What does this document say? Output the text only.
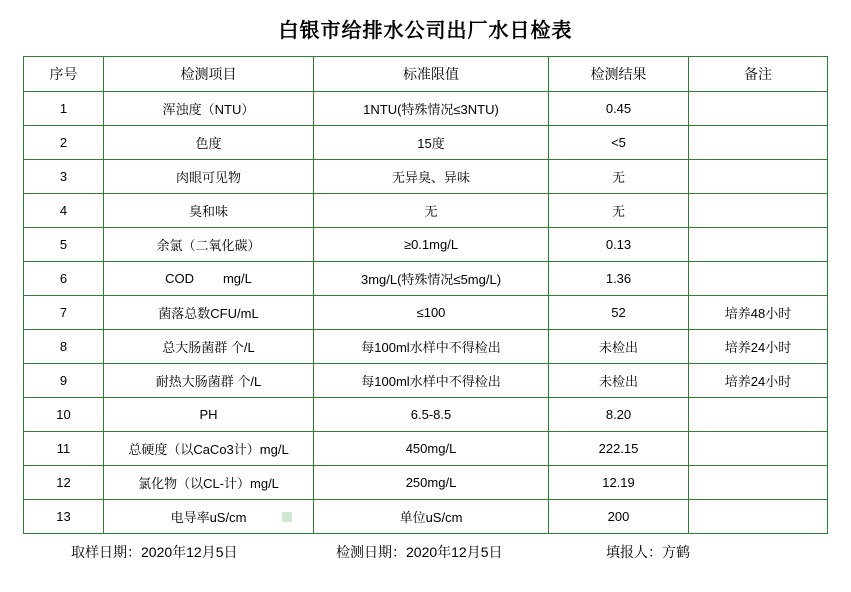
白银市给排水公司出厂水日检表
序号	检测项目	标准限值	检测结果	备注
1	浑浊度（NTU）	1NTU(特殊情况≤3NTU)	0.45	
2	色度	15度	<5	
3	肉眼可见物	无异臭、异味	无	
4	臭和味	无	无	
5	余氯（二氧化碳）	≥0.1mg/L	0.13	
6	COD        mg/L	3mg/L(特殊情况≤5mg/L)	1.36	
7	菌落总数CFU/mL	≤100	52	培养48小时
8	总大肠菌群 个/L	每100ml水样中不得检出	未检出	培养24小时
9	耐热大肠菌群 个/L	每100ml水样中不得检出	未检出	培养24小时
10	PH	6.5-8.5	8.20	
11	总硬度（以CaCo3计）mg/L	450mg/L	222.15	
12	氯化物（以CL-计）mg/L	250mg/L	12.19	
13	电导率uS/cm	单位uS/cm	200	
取样日期：2020年12月5日	检测日期：2020年12月5日	填报人：方鹤
